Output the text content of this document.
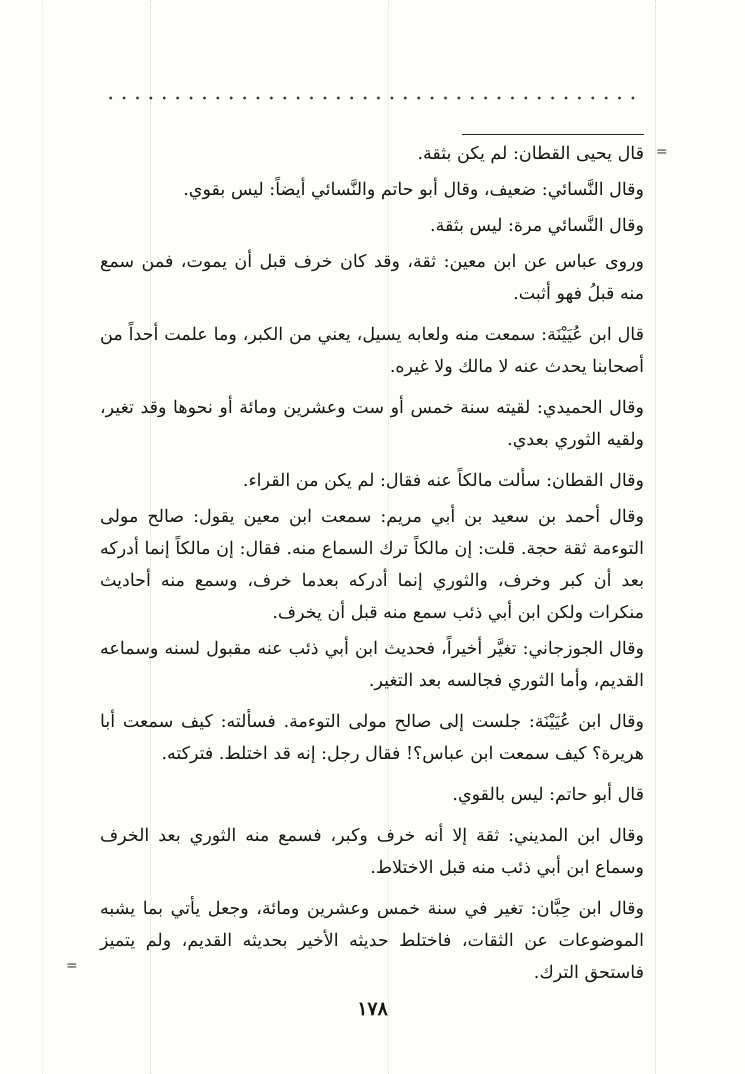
=
=

قال يحيى القطان: لم يكن بثقة.

وقال النَّسائي: ضعيف، وقال أبو حاتم والنَّسائي أيضاً: ليس بقوي.

وقال النَّسائي مرة: ليس بثقة.

وروى عباس عن ابن معين: ثقة، وقد كان خرف قبل أن يموت، فمن سمع منه قبلُ فهو أثبت.

قال ابن عُيَيْنَة: سمعت منه ولعابه يسيل، يعني من الكبر، وما علمت أحداً من أصحابنا يحدث عنه لا مالك ولا غيره.

وقال الحميدي: لقيته سنة خمس أو ست وعشرين ومائة أو نحوها وقد تغير، ولقيه الثوري بعدي.

وقال القطان: سألت مالكاً عنه فقال: لم يكن من القراء.

وقال أحمد بن سعيد بن أبي مريم: سمعت ابن معين يقول: صالح مولى التوءمة ثقة حجة. قلت: إن مالكاً ترك السماع منه. فقال: إن مالكاً إنما أدركه بعد أن كبر وخرف، والثوري إنما أدركه بعدما خرف، وسمع منه أحاديث منكرات ولكن ابن أبي ذئب سمع منه قبل أن يخرف.

وقال الجوزجاني: تغيَّر أخيراً، فحديث ابن أبي ذئب عنه مقبول لسنه وسماعه القديم، وأما الثوري فجالسه بعد التغير.

وقال ابن عُيَيْنَة: جلست إلى صالح مولى التوءمة. فسألته: كيف سمعت أبا هريرة؟ كيف سمعت ابن عباس؟! فقال رجل: إنه قد اختلط. فتركته.

قال أبو حاتم: ليس بالقوي.

وقال ابن المديني: ثقة إلا أنه خرف وكبر، فسمع منه الثوري بعد الخرف وسماع ابن أبي ذئب منه قبل الاختلاط.

وقال ابن حِبَّان: تغير في سنة خمس وعشرين ومائة، وجعل يأتي بما يشبه الموضوعات عن الثقات، فاختلط حديثه الأخير بحديثه القديم، ولم يتميز فاستحق الترك.

١٧٨
